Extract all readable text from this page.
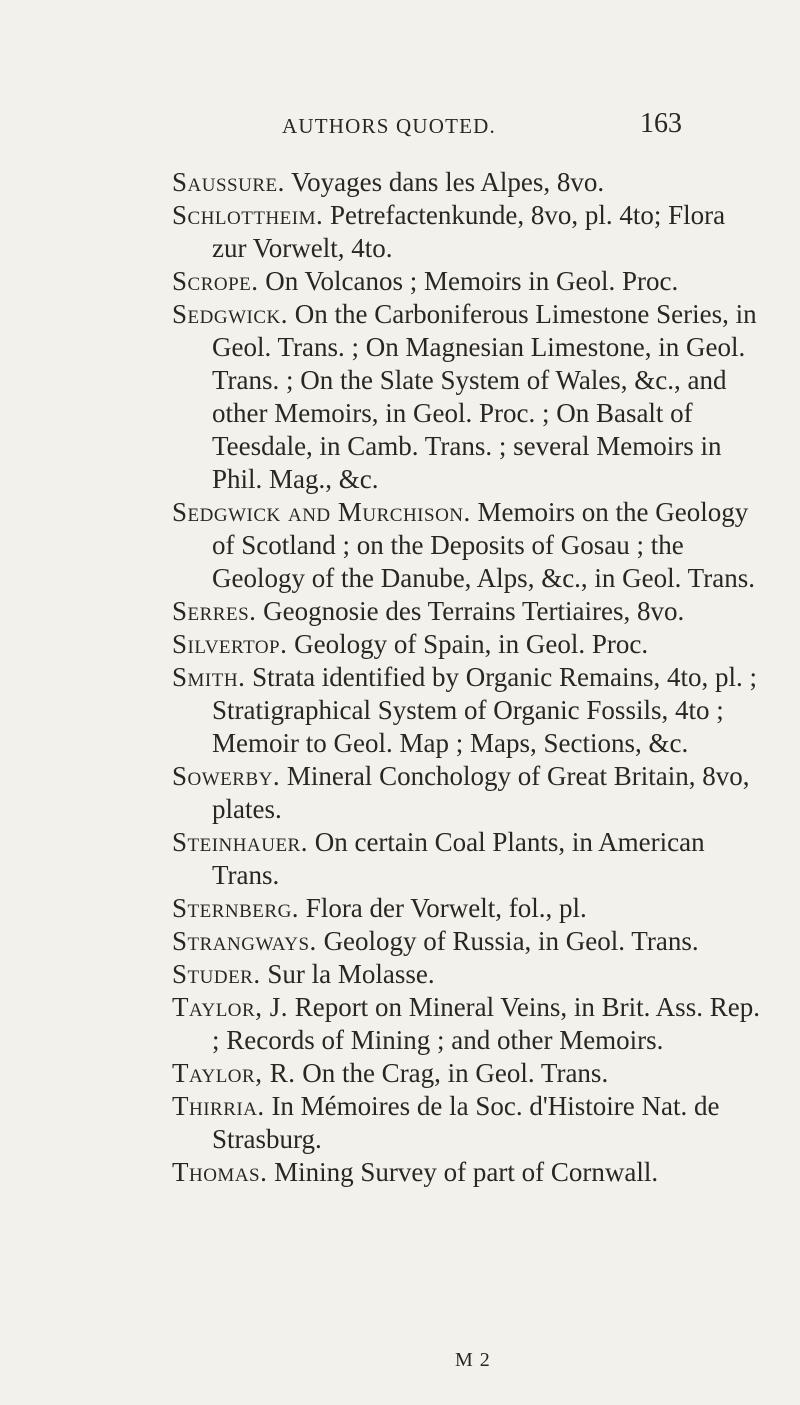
AUTHORS QUOTED.	163

Saussure. Voyages dans les Alpes, 8vo.

Schlottheim. Petrefactenkunde, 8vo, pl. 4to; Flora zur Vorwelt, 4to.

Scrope. On Volcanos ; Memoirs in Geol. Proc.

Sedgwick. On the Carboniferous Limestone Series, in Geol. Trans. ; On Magnesian Limestone, in Geol. Trans. ; On the Slate System of Wales, &c., and other Memoirs, in Geol. Proc. ; On Basalt of Teesdale, in Camb. Trans. ; several Memoirs in Phil. Mag., &c.

Sedgwick and Murchison. Memoirs on the Geology of Scotland ; on the Deposits of Gosau ; the Geology of the Danube, Alps, &c., in Geol. Trans.

Serres. Geognosie des Terrains Tertiaires, 8vo.

Silvertop. Geology of Spain, in Geol. Proc.

Smith. Strata identified by Organic Remains, 4to, pl. ; Stratigraphical System of Organic Fossils, 4to ; Memoir to Geol. Map ; Maps, Sections, &c.

Sowerby. Mineral Conchology of Great Britain, 8vo, plates.

Steinhauer. On certain Coal Plants, in American Trans.

Sternberg. Flora der Vorwelt, fol., pl.

Strangways. Geology of Russia, in Geol. Trans.

Studer. Sur la Molasse.

Taylor, J. Report on Mineral Veins, in Brit. Ass. Rep. ; Records of Mining ; and other Memoirs.

Taylor, R. On the Crag, in Geol. Trans.

Thirria. In Mémoires de la Soc. d'Histoire Nat. de Strasburg.

Thomas. Mining Survey of part of Cornwall.

M 2
